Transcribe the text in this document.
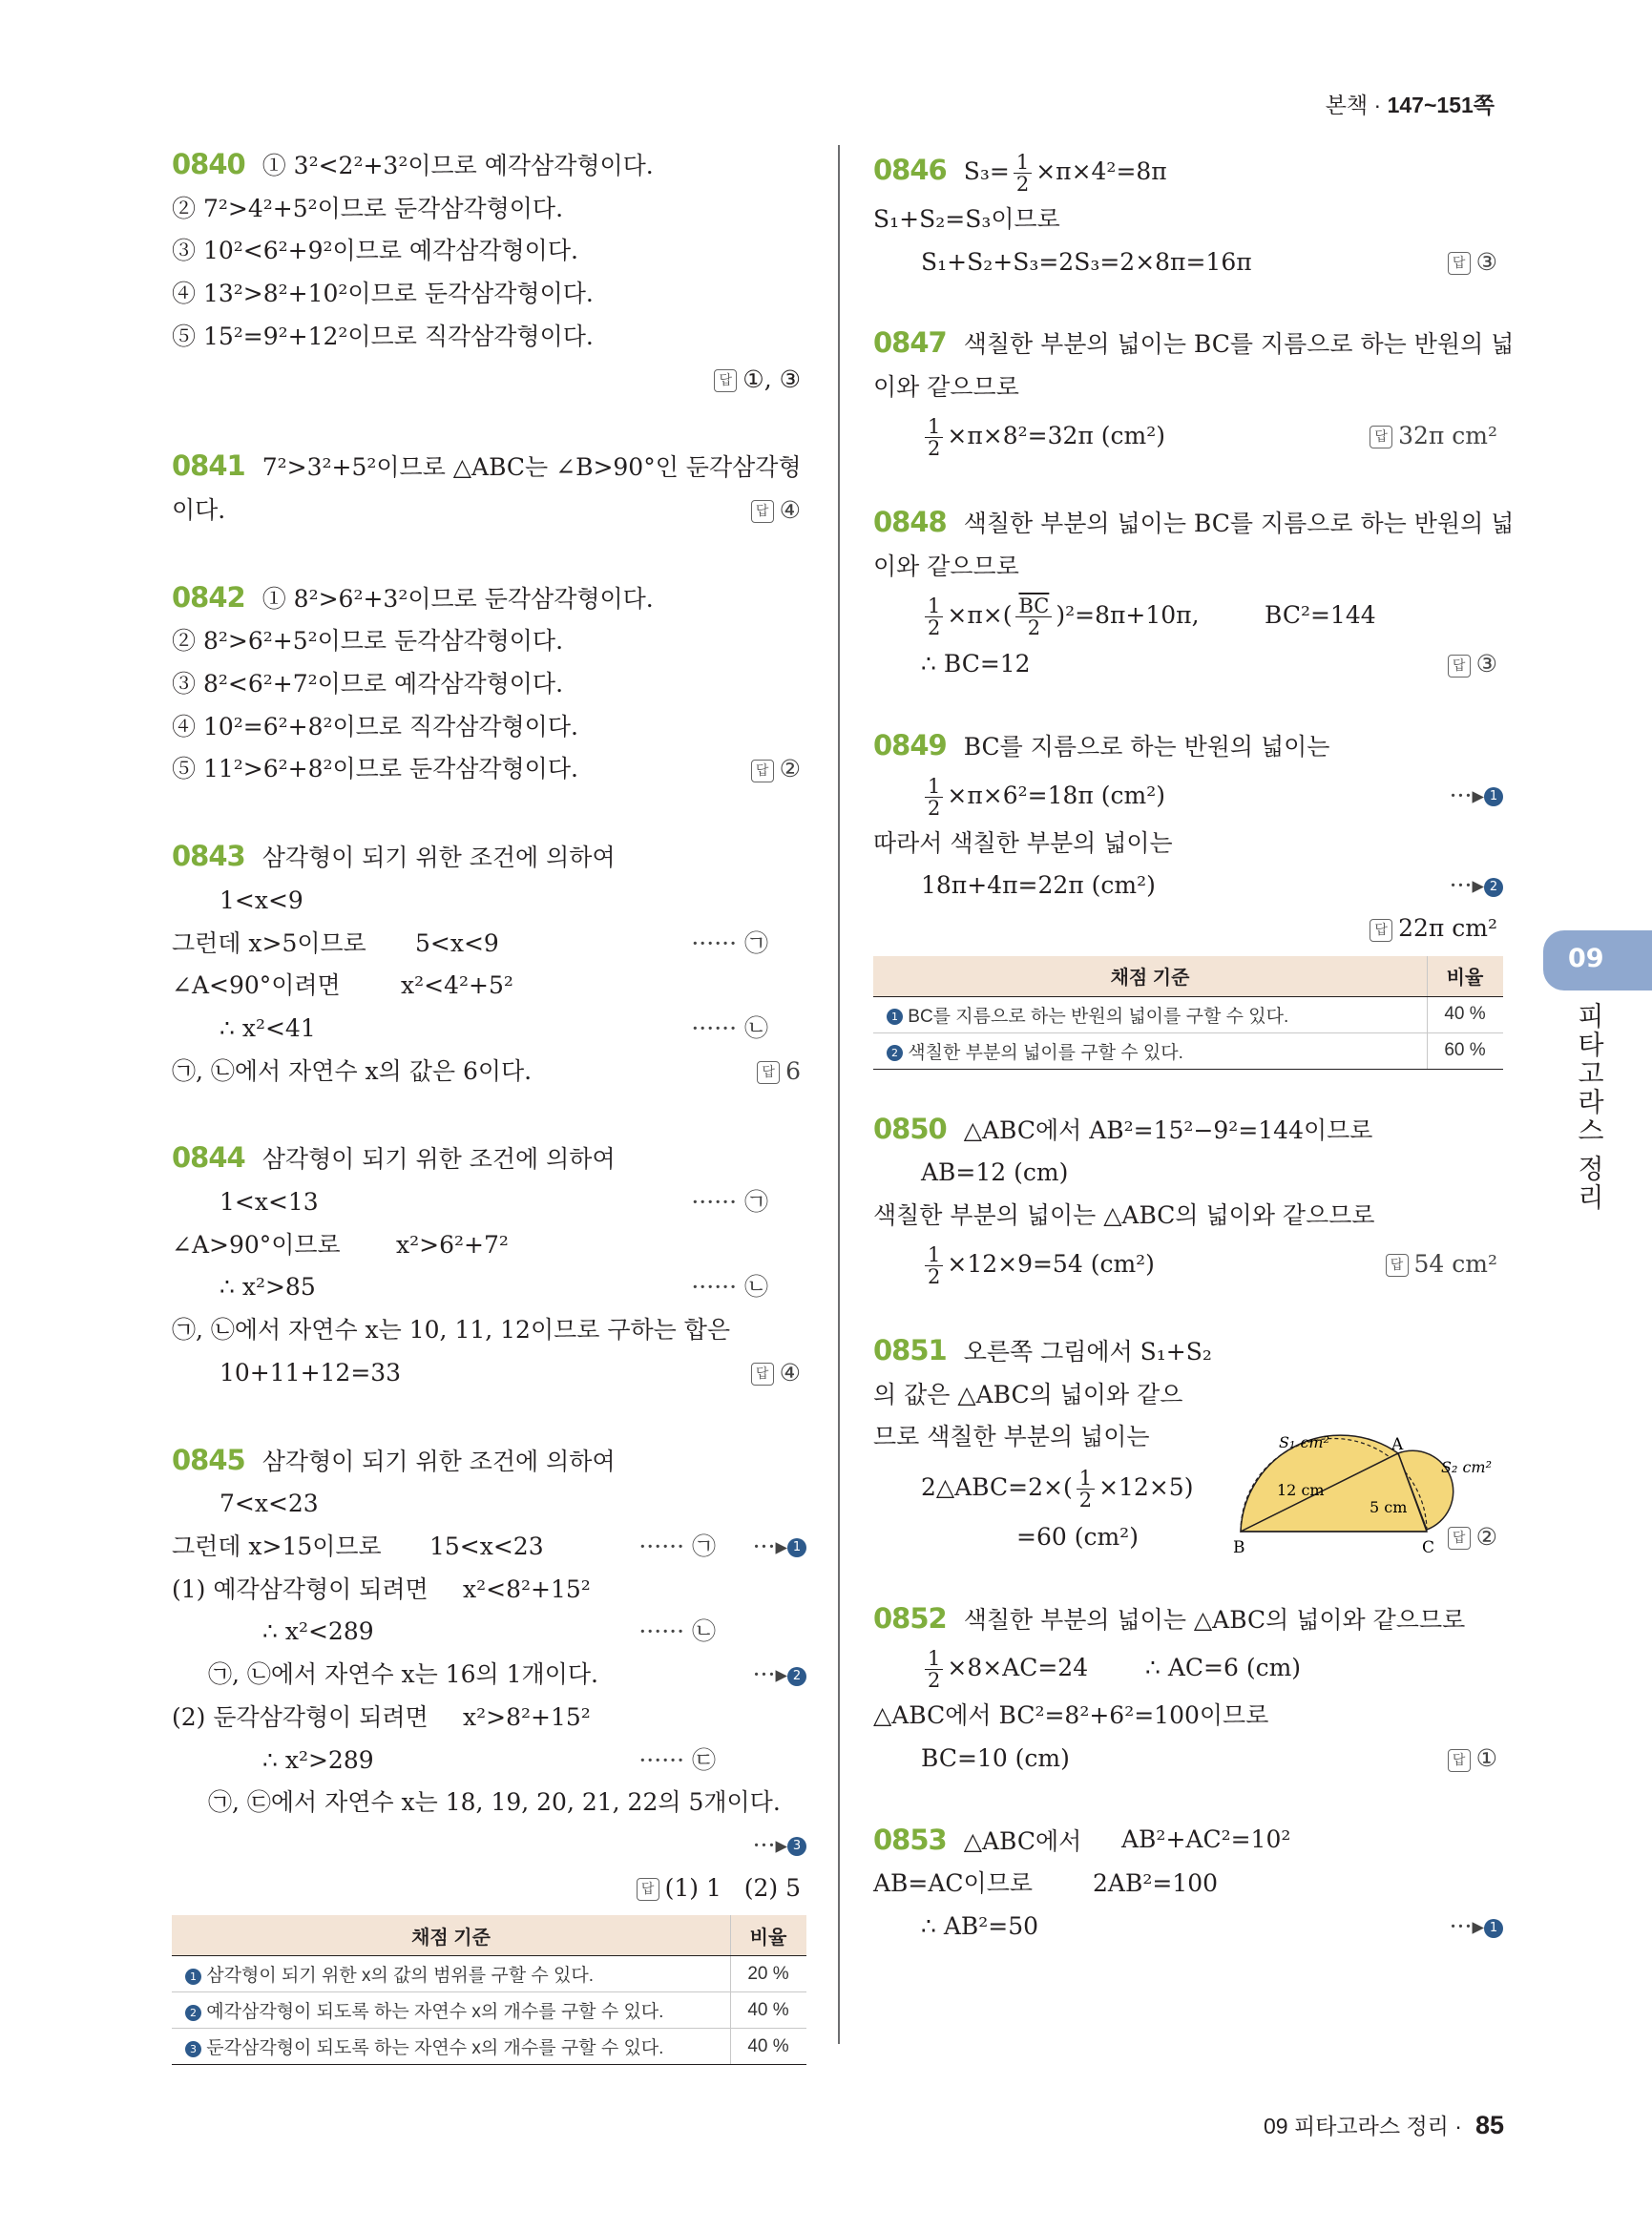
본책 · 147~151쪽
0840 ① 3²<2²+3²이므로 예각삼각형이다.
② 7²>4²+5²이므로 둔각삼각형이다.
③ 10²<6²+9²이므로 예각삼각형이다.
④ 13²>8²+10²이므로 둔각삼각형이다.
⑤ 15²=9²+12²이므로 직각삼각형이다.
답 ①, ③
0841 7²>3²+5²이므로 △ABC는 ∠B>90°인 둔각삼각형
이다.	답 ④
0842 ① 8²>6²+3²이므로 둔각삼각형이다.
② 8²>6²+5²이므로 둔각삼각형이다.
③ 8²<6²+7²이므로 예각삼각형이다.
④ 10²=6²+8²이므로 직각삼각형이다.
⑤ 11²>6²+8²이므로 둔각삼각형이다.	답 ②
0843 삼각형이 되기 위한 조건에 의하여
1<x<9
그런데 x>5이므로 5<x<9	······ ㉠
∠A<90°이려면	x²<4²+5²
∴ x²<41	······ ㉡
㉠, ㉡에서 자연수 x의 값은 6이다.	답 6
0844 삼각형이 되기 위한 조건에 의하여
1<x<13	······ ㉠
∠A>90°이므로 x²>6²+7²
∴ x²>85	······ ㉡
㉠, ㉡에서 자연수 x는 10, 11, 12이므로 구하는 합은
10+11+12=33	답 ④
0845 삼각형이 되기 위한 조건에 의하여
7<x<23
그런데 x>15이므로 15<x<23	······ ㉠ ···▸ 1
(1) 예각삼각형이 되려면 x²<8²+15²
∴ x²<289	······ ㉡
㉠, ㉡에서 자연수 x는 16의 1개이다.	···▸ 2
(2) 둔각삼각형이 되려면 x²>8²+15²
∴ x²>289	······ ㉢
㉠, ㉢에서 자연수 x는 18, 19, 20, 21, 22의 5개이다.
···▸ 3
답 (1) 1   (2) 5
채점 기준	비율
1 삼각형이 되기 위한 x의 값의 범위를 구할 수 있다.	20 %
2 예각삼각형이 되도록 하는 자연수 x의 개수를 구할 수 있다.	40 %
3 둔각삼각형이 되도록 하는 자연수 x의 개수를 구할 수 있다.	40 %
0846 $S_3= \frac{1}{2} \times\pi\times 4^2=8\pi$
S₁+S₂=S₃이므로
S₁+S₂+S₃=2S₃=2×8π=16π	답 ③
0847 색칠한 부분의 넓이는 BC를 지름으로 하는 반원의 넓
이와 같으므로
$\frac{1}{2} \times\pi\times 8^2=32\pi$ (cm²)	답 32π cm²
0848 색칠한 부분의 넓이는 BC를 지름으로 하는 반원의 넓
이와 같으므로
$\frac{1}{2} \times\pi\times( \frac{\overline{BC}}{2} )^2=8\pi+10\pi$,	BC²=144
∴ BC=12	답 ③
0849 BC를 지름으로 하는 반원의 넓이는
$\frac{1}{2} \times\pi\times 6^2=18\pi$ (cm²)	···▸ 1
따라서 색칠한 부분의 넓이는
18π+4π=22π (cm²)	···▸ 2
답 22π cm²
채점 기준	비율
1 BC를 지름으로 하는 반원의 넓이를 구할 수 있다.	40 %
2 색칠한 부분의 넓이를 구할 수 있다.	60 %
0850 △ABC에서 AB²=15²−9²=144이므로
AB=12 (cm)
색칠한 부분의 넓이는 △ABC의 넓이와 같으므로
$\frac{1}{2} \times 12\times 9=54$ (cm²)	답 54 cm²
0851 오른쪽 그림에서 S₁+S₂
의 값은 △ABC의 넓이와 같으
므로 색칠한 부분의 넓이는
2△ABC=2×( $\frac{1}{2} \times 12\times 5$)
=60 (cm²)	답 ②
0852 색칠한 부분의 넓이는 △ABC의 넓이와 같으므로
$\frac{1}{2} \times 8\times AC=24$ ∴ AC=6 (cm)
△ABC에서 BC²=8²+6²=100이므로
BC=10 (cm)	답 ①
0853 △ABC에서 AB²+AC²=10²
AB=AC이므로	2AB²=100
∴ AB²=50	···▸ 1
S₁ cm²
S₂ cm²
12 cm
5 cm
A
B	C
09
피타고라스 정리
09 피타고라스 정리 · 85
